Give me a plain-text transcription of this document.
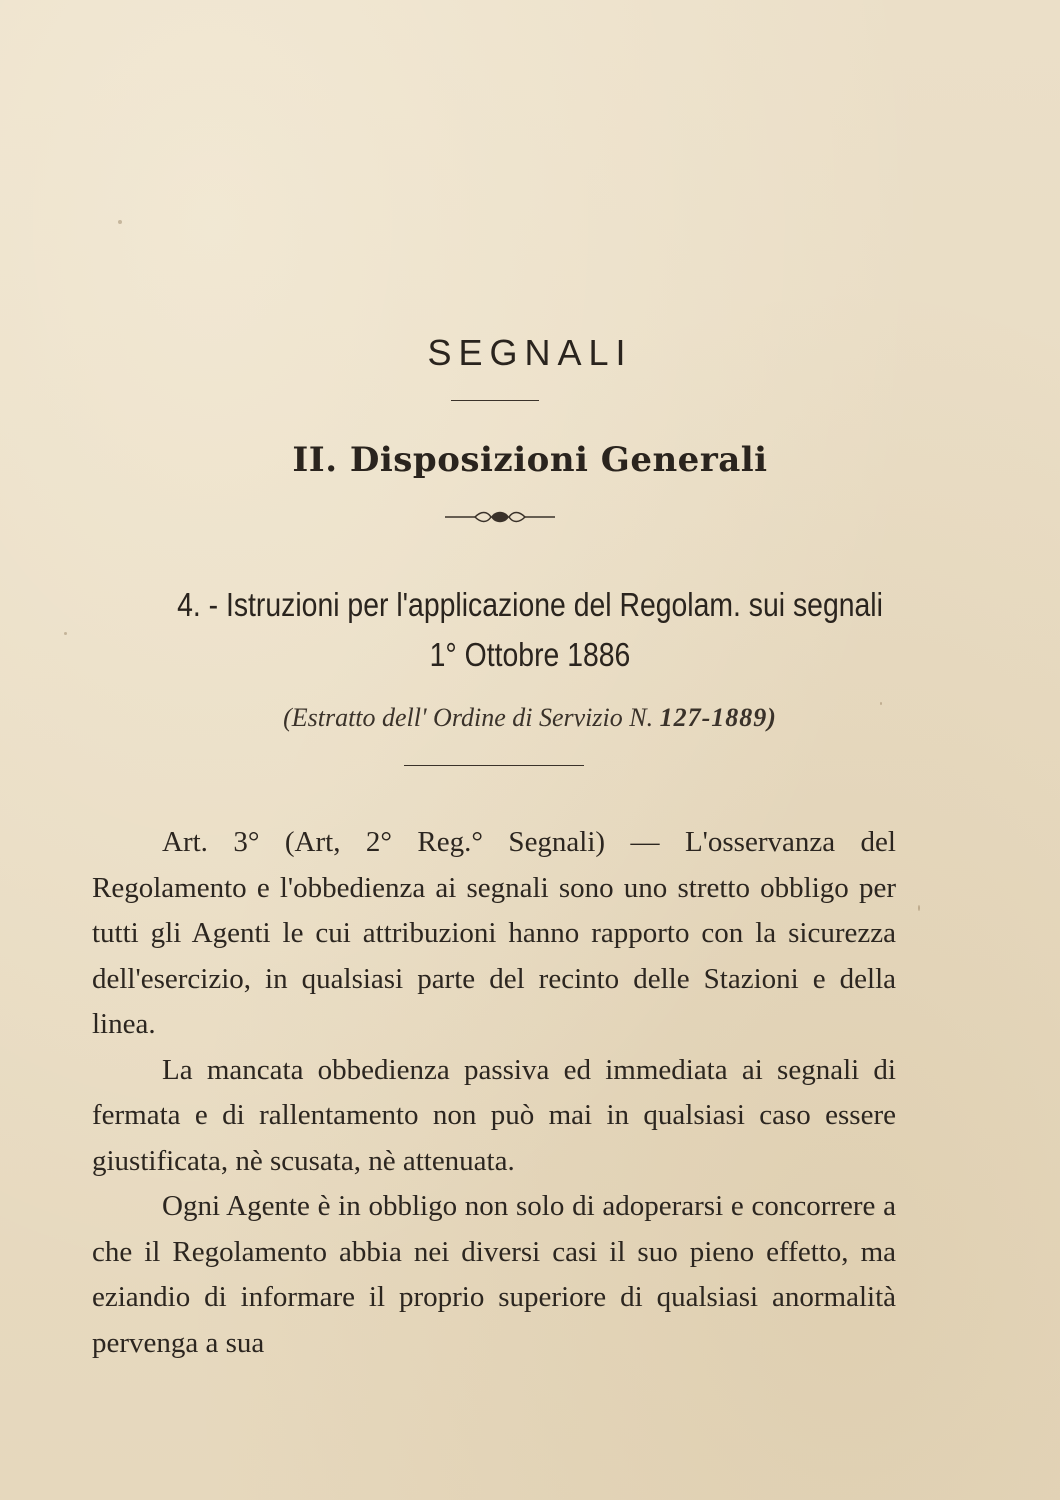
SEGNALI
II. Disposizioni Generali
4. - Istruzioni per l'applicazione del Regolam. sui segnali
1° Ottobre 1886
(Estratto dell' Ordine di Servizio N. 127-1889)

Art. 3° (Art, 2° Reg.° Segnali) — L'osservanza del Regolamento e l'obbedienza ai segnali sono uno stretto obbligo per tutti gli Agenti le cui attribuzioni hanno rapporto con la sicurezza dell'esercizio, in qualsiasi parte del recinto delle Stazioni e della linea.

La mancata obbedienza passiva ed immediata ai segnali di fermata e di rallentamento non può mai in qualsiasi caso essere giustificata, nè scusata, nè attenuata.

Ogni Agente è in obbligo non solo di adoperarsi e concorrere a che il Regolamento abbia nei diversi casi il suo pieno effetto, ma eziandio di informare il proprio superiore di qualsiasi anormalità pervenga a sua
